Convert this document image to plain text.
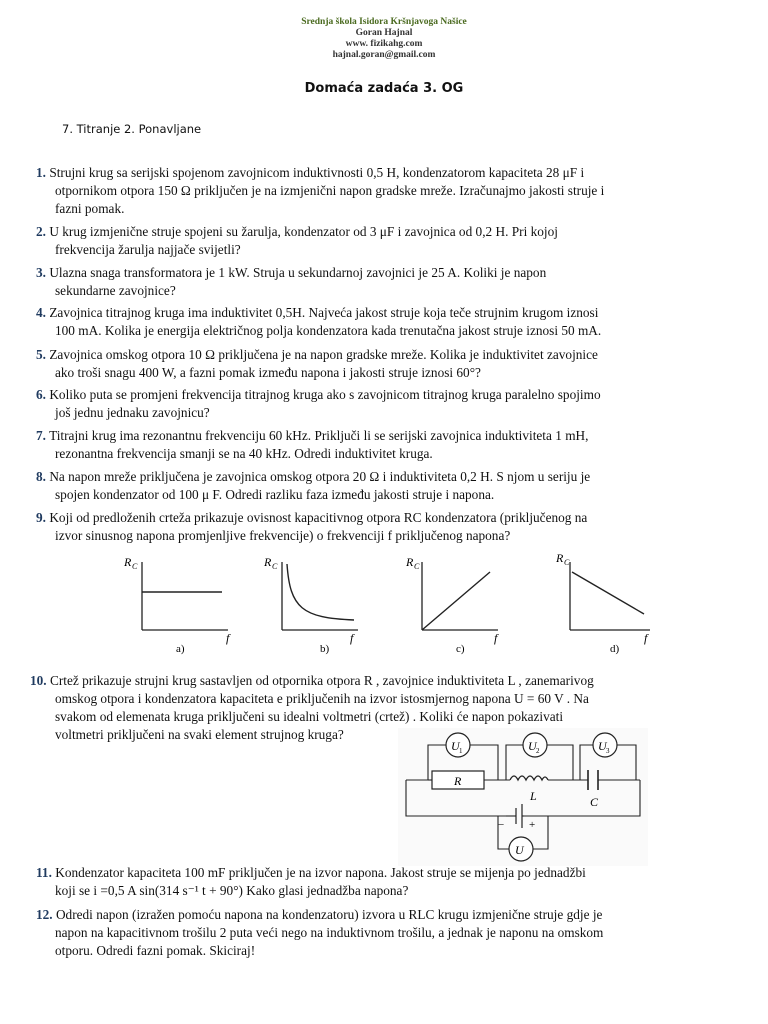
Srednja škola Isidora Kršnjavoga Našice
Goran Hajnal
www. fizikahg.com
hajnal.goran@gmail.com
Domaća zadaća 3. OG
7. Titranje 2. Ponavljane
1. Strujni krug sa serijski spojenom zavojnicom induktivnosti 0,5 H, kondenzatorom kapaciteta 28 μF i
otpornikom otpora 150 Ω priključen je na izmjenični napon gradske mreže. Izračunajmo jakosti struje i
fazni pomak.
2. U krug izmjenične struje spojeni su žarulja, kondenzator od 3 μF i zavojnica od 0,2 H. Pri kojoj
frekvencija žarulja najjače svijetli?
3. Ulazna snaga transformatora je 1 kW. Struja u sekundarnoj zavojnici je 25 A. Koliki je napon
sekundarne zavojnice?
4. Zavojnica titrajnog kruga ima induktivitet 0,5H. Najveća jakost struje koja teče strujnim krugom iznosi
100 mA. Kolika je energija električnog polja kondenzatora kada trenutačna jakost struje iznosi 50 mA.
5. Zavojnica omskog otpora 10 Ω priključena je na napon gradske mreže. Kolika je induktivitet zavojnice
ako troši snagu 400 W, a fazni pomak između napona i jakosti struje iznosi 60°?
6. Koliko puta se promjeni frekvencija titrajnog kruga ako s zavojnicom titrajnog kruga paralelno spojimo
još jednu jednaku zavojnicu?
7. Titrajni krug ima rezonantnu frekvenciju 60 kHz. Priključi li se serijski zavojnica induktiviteta 1 mH,
rezonantna frekvencija smanji se na 40 kHz. Odredi induktivitet kruga.
8. Na napon mreže priključena je zavojnica omskog otpora 20 Ω i induktiviteta 0,2 H. S njom u seriju je
spojen kondenzator od 100 μ F. Odredi razliku faza između jakosti struje i napona.
9. Koji od predloženih crteža prikazuje ovisnost kapacitivnog otpora RC kondenzatora (priključenog na
izvor sinusnog napona promjenljive frekvencije) o frekvenciji f priključenog napona?
R C
f
a)
R C
f
b)
R C
f
c)
R C
f
d)
10. Crtež prikazuje strujni krug sastavljen od otpornika otpora R , zavojnice induktiviteta L , zanemarivog
omskog otpora i kondenzatora kapaciteta e priključenih na izvor istosmjernog napona U = 60 V . Na
svakom od elemenata kruga priključeni su idealni voltmetri (crtež) . Koliki će napon pokazivati
voltmetri priključeni na svaki element strujnog kruga?
U 1	U 2	U 3
R
L	C
− +
U
11. Kondenzator kapaciteta 100 mF priključen je na izvor napona. Jakost struje se mijenja po jednadžbi
koji se i =0,5 A sin(314 s⁻¹ t + 90°) Kako glasi jednadžba napona?
12. Odredi napon (izražen pomoću napona na kondenzatoru) izvora u RLC krugu izmjenične struje gdje je
napon na kapacitivnom trošilu 2 puta veći nego na induktivnom trošilu, a jednak je naponu na omskom
otporu. Odredi fazni pomak. Skiciraj!
